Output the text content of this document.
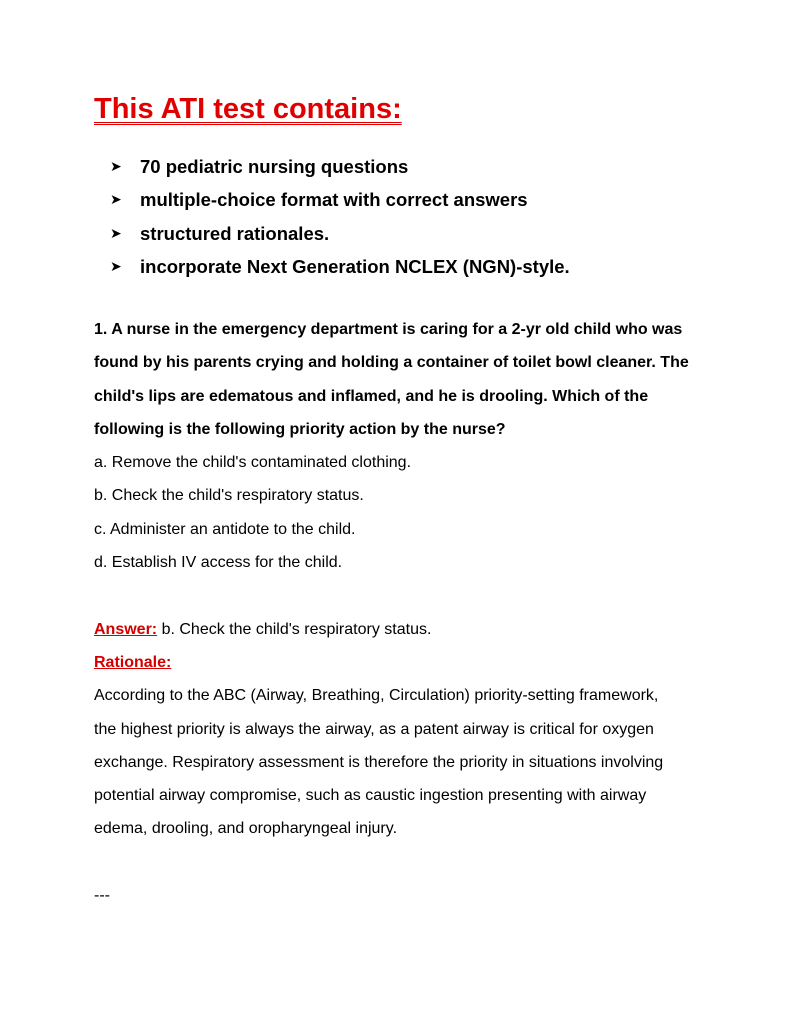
This ATI test contains:
➤ 70 pediatric nursing questions
➤ multiple-choice format with correct answers
➤ structured rationales.
➤ incorporate Next Generation NCLEX (NGN)-style.
1. A nurse in the emergency department is caring for a 2-yr old child who was
found by his parents crying and holding a container of toilet bowl cleaner. The
child's lips are edematous and inflamed, and he is drooling. Which of the
following is the following priority action by the nurse?
a. Remove the child's contaminated clothing.
b. Check the child's respiratory status.
c. Administer an antidote to the child.
d. Establish IV access for the child.
Answer: b. Check the child's respiratory status.
Rationale:
According to the ABC (Airway, Breathing, Circulation) priority-setting framework,
the highest priority is always the airway, as a patent airway is critical for oxygen
exchange. Respiratory assessment is therefore the priority in situations involving
potential airway compromise, such as caustic ingestion presenting with airway
edema, drooling, and oropharyngeal injury.
---
